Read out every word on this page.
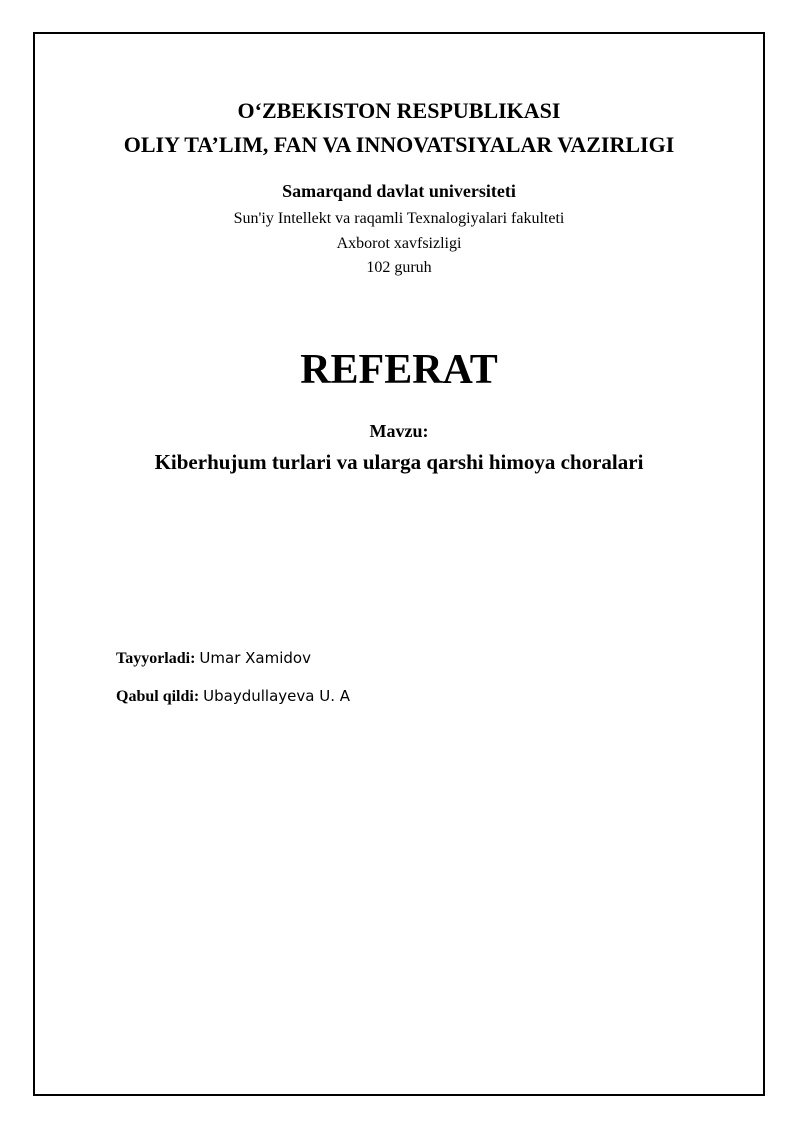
O‘ZBEKISTON RESPUBLIKASI
OLIY TA’LIM, FAN VA INNOVATSIYALAR VAZIRLIGI
Samarqand davlat universiteti
Sun'iy Intellekt va raqamli Texnalogiyalari fakulteti
Axborot xavfsizligi
102 guruh
REFERAT
Mavzu:
Kiberhujum turlari va ularga qarshi himoya choralari
Tayyorladi: Umar Xamidov
Qabul qildi: Ubaydullayeva U. A
